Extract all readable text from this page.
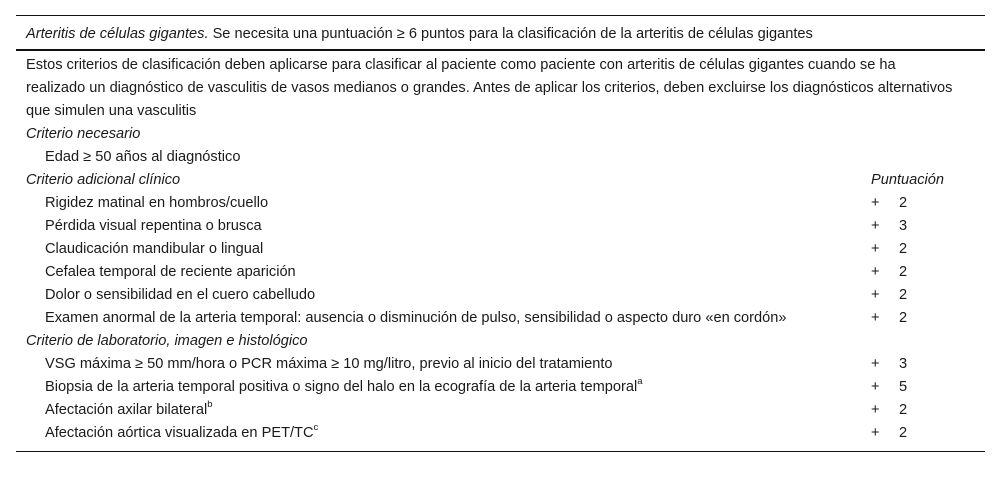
Arteritis de células gigantes. Se necesita una puntuación ≥ 6 puntos para la clasificación de la arteritis de células gigantes
Estos criterios de clasificación deben aplicarse para clasificar al paciente como paciente con arteritis de células gigantes cuando se ha realizado un diagnóstico de vasculitis de vasos medianos o grandes. Antes de aplicar los criterios, deben excluirse los diagnósticos alternativos que simulen una vasculitis
Criterio necesario
Edad ≥ 50 años al diagnóstico
Criterio adicional clínico	Puntuación
Rigidez matinal en hombros/cuello	+ 2
Pérdida visual repentina o brusca	+ 3
Claudicación mandibular o lingual	+ 2
Cefalea temporal de reciente aparición	+ 2
Dolor o sensibilidad en el cuero cabelludo	+ 2
Examen anormal de la arteria temporal: ausencia o disminución de pulso, sensibilidad o aspecto duro «en cordón»	+ 2
Criterio de laboratorio, imagen e histológico
VSG máxima ≥ 50 mm/hora o PCR máxima ≥ 10 mg/litro, previo al inicio del tratamiento	+ 3
Biopsia de la arteria temporal positiva o signo del halo en la ecografía de la arteria temporal$^a$	+ 5
Afectación axilar bilateral$^b$	+ 2
Afectación aórtica visualizada en PET/$TC^c$	+ 2
